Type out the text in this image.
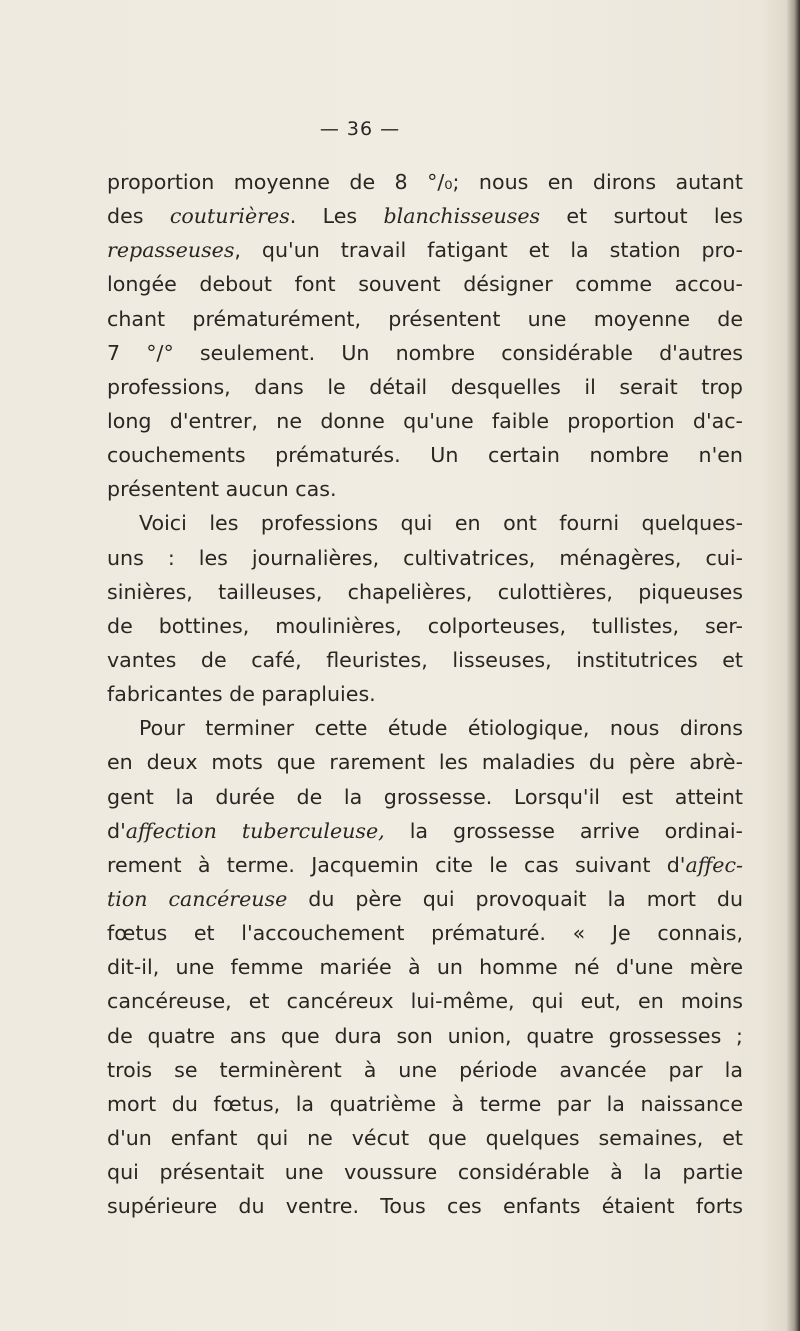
— 36 —
proportion moyenne de 8 °/₀; nous en dirons autant
des couturières. Les blanchisseuses et surtout les
repasseuses, qu'un travail fatigant et la station pro-
longée debout font souvent désigner comme accou-
chant prématurément, présentent une moyenne de
7 °/° seulement. Un nombre considérable d'autres
professions, dans le détail desquelles il serait trop
long d'entrer, ne donne qu'une faible proportion d'ac-
couchements prématurés. Un certain nombre n'en
présentent aucun cas.
Voici les professions qui en ont fourni quelques-
uns : les journalières, cultivatrices, ménagères, cui-
sinières, tailleuses, chapelières, culottières, piqueuses
de bottines, moulinières, colporteuses, tullistes, ser-
vantes de café, fleuristes, lisseuses, institutrices et
fabricantes de parapluies.
Pour terminer cette étude étiologique, nous dirons
en deux mots que rarement les maladies du père abrè-
gent la durée de la grossesse. Lorsqu'il est atteint
d'affection tuberculeuse, la grossesse arrive ordinai-
rement à terme. Jacquemin cite le cas suivant d'affec-
tion cancéreuse du père qui provoquait la mort du
fœtus et l'accouchement prématuré. « Je connais,
dit-il, une femme mariée à un homme né d'une mère
cancéreuse, et cancéreux lui-même, qui eut, en moins
de quatre ans que dura son union, quatre grossesses ;
trois se terminèrent à une période avancée par la
mort du fœtus, la quatrième à terme par la naissance
d'un enfant qui ne vécut que quelques semaines, et
qui présentait une voussure considérable à la partie
supérieure du ventre. Tous ces enfants étaient forts
